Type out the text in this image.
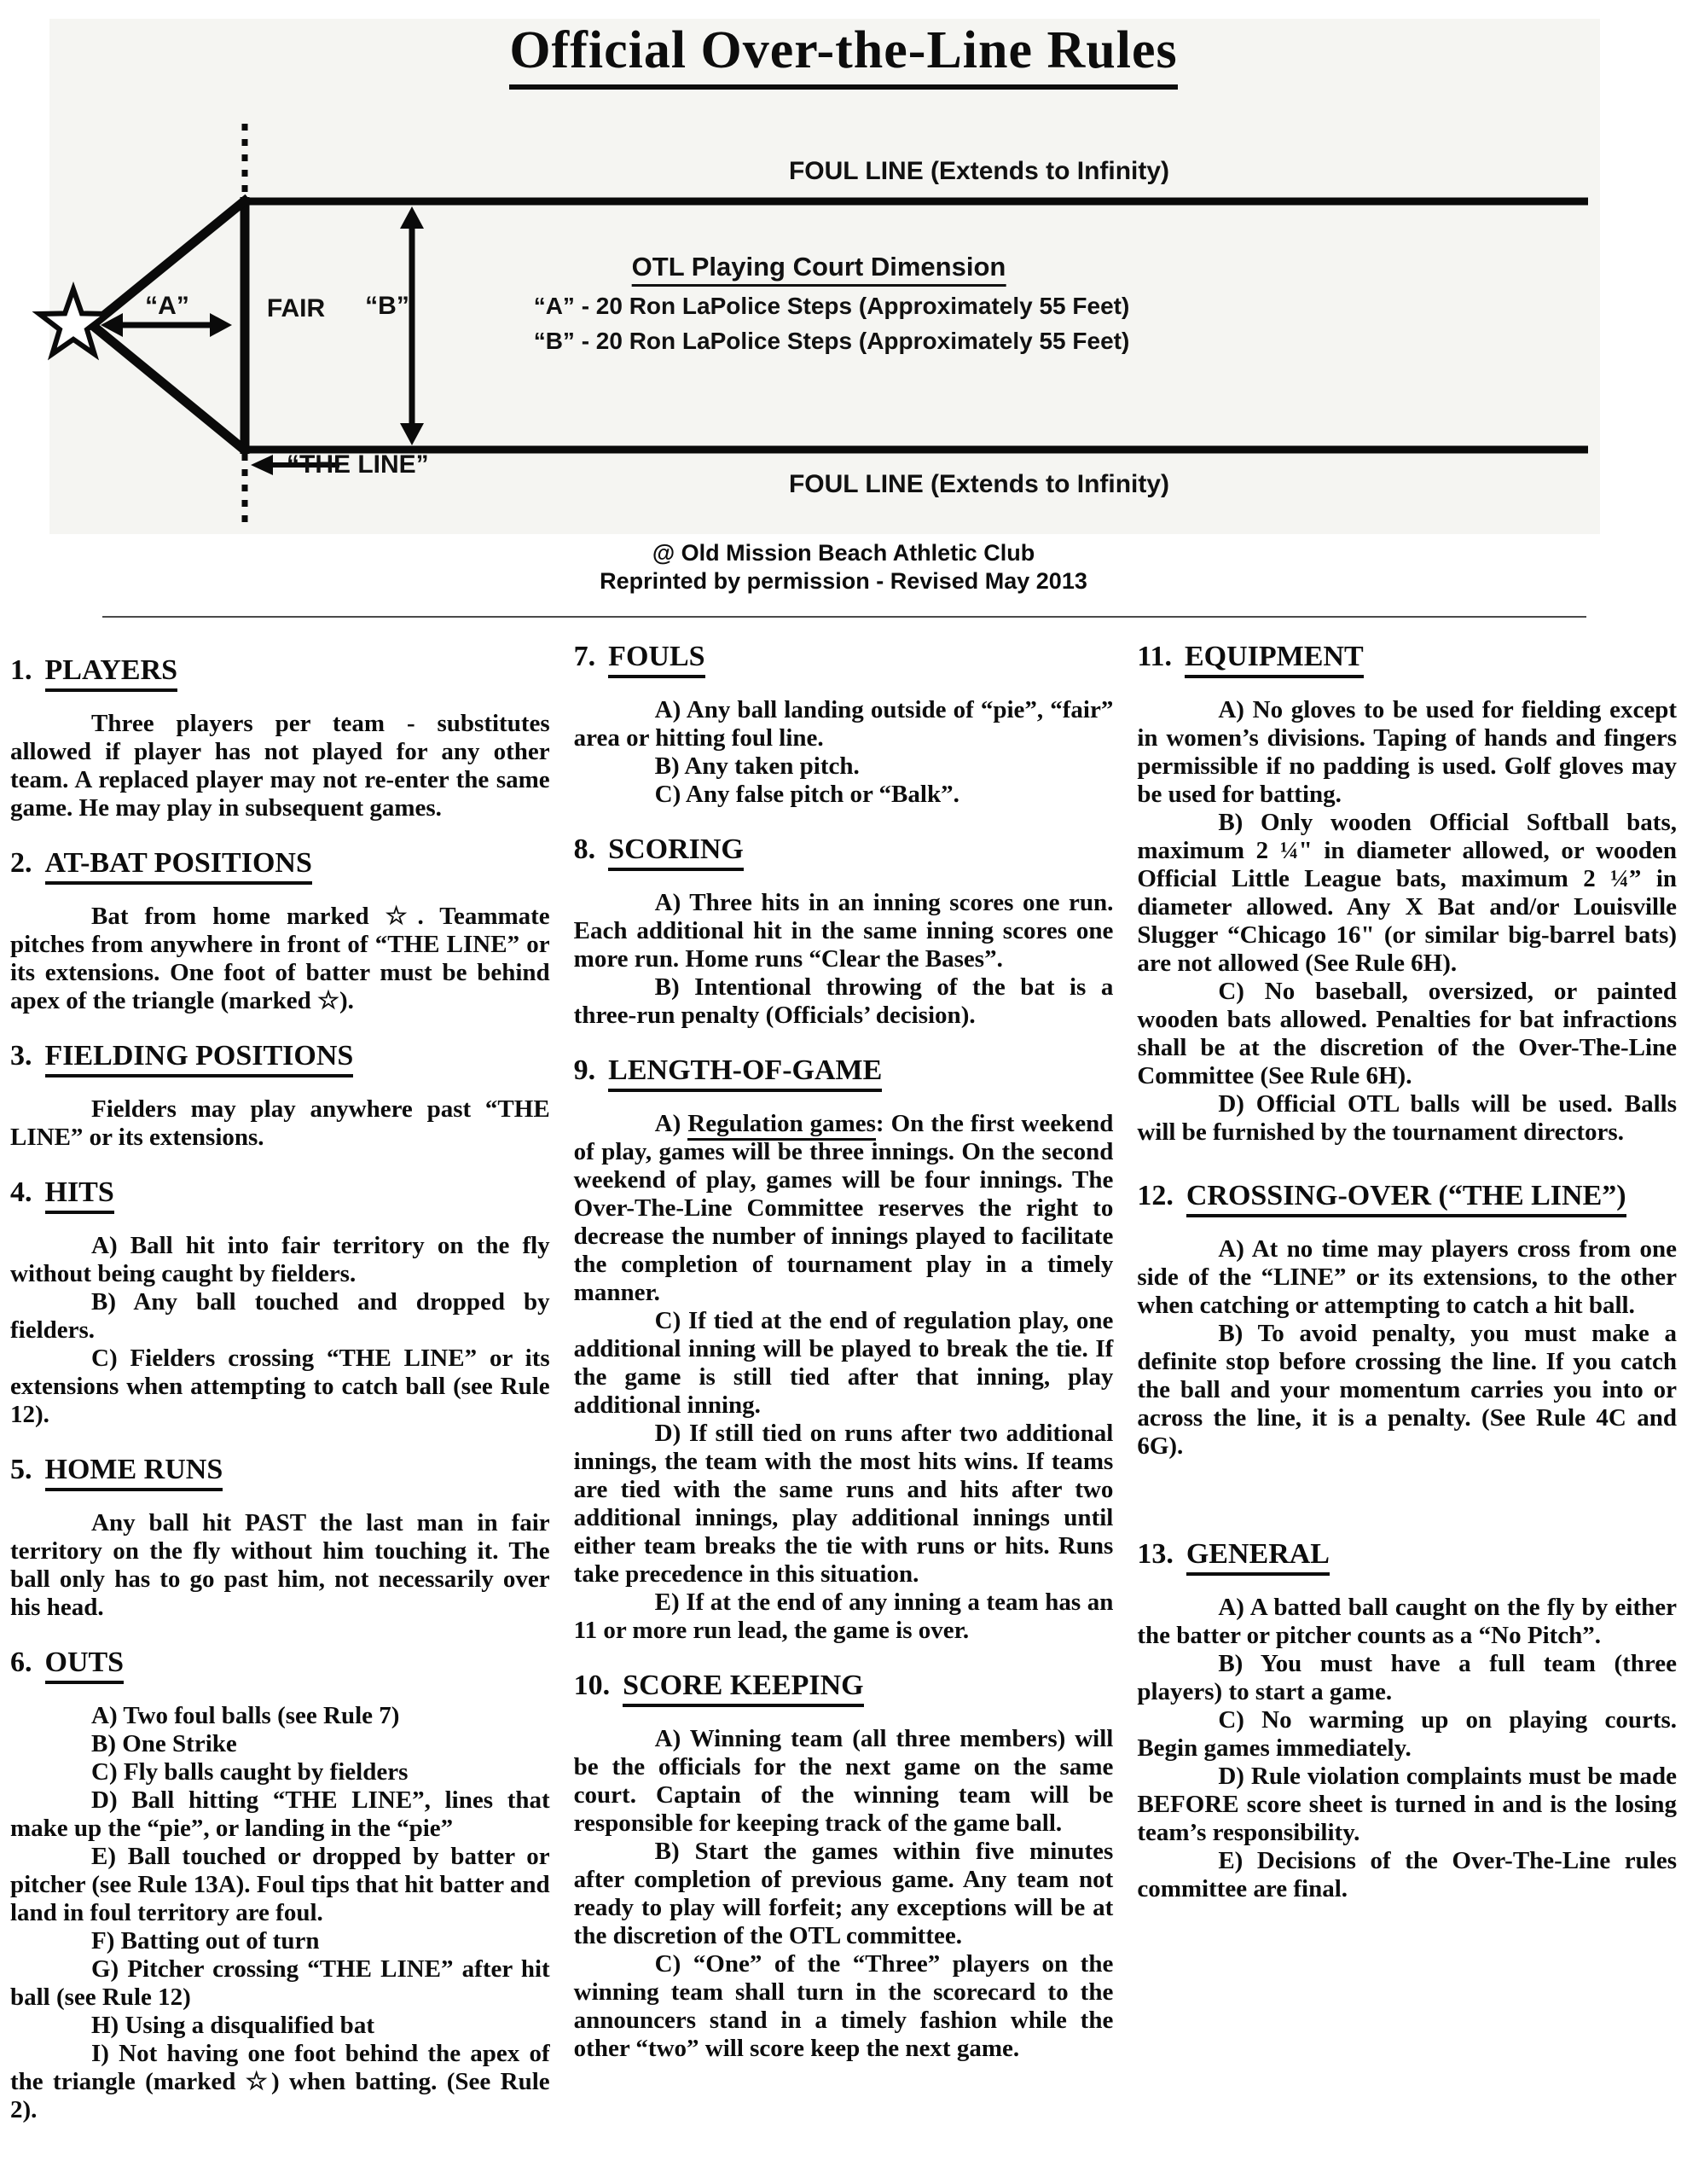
Official Over-the-Line Rules
FOUL LINE (Extends to Infinity)
FOUL LINE (Extends to Infinity)
OTL Playing Court Dimension
“A” - 20 Ron LaPolice Steps (Approximately 55 Feet)
“B” - 20 Ron LaPolice Steps (Approximately 55 Feet)
“A”	FAIR “B”
“THE LINE”
@ Old Mission Beach Athletic Club
Reprinted by permission - Revised May 2013
1. PLAYERS

Three players per team - substitutes allowed if player has not played for any other team. A replaced player may not re-enter the same game. He may play in subsequent games.

2. AT-BAT POSITIONS

Bat from home marked ☆. Teammate pitches from anywhere in front of “THE LINE” or its extensions. One foot of batter must be behind apex of the triangle (marked ☆).

3. FIELDING POSITIONS

Fielders may play anywhere past “THE LINE” or its extensions.

4. HITS

A) Ball hit into fair territory on the fly without being caught by fielders.

B) Any ball touched and dropped by fielders.

C) Fielders crossing “THE LINE” or its extensions when attempting to catch ball (see Rule 12).

5. HOME RUNS

Any ball hit PAST the last man in fair territory on the fly without him touching it. The ball only has to go past him, not necessarily over his head.

6. OUTS

A) Two foul balls (see Rule 7)

B) One Strike

C) Fly balls caught by fielders

D) Ball hitting “THE LINE”, lines that make up the “pie”, or landing in the “pie”

E) Ball touched or dropped by batter or pitcher (see Rule 13A). Foul tips that hit batter and land in foul territory are foul.

F) Batting out of turn

G) Pitcher crossing “THE LINE” after hit ball (see Rule 12)

H) Using a disqualified bat

I) Not having one foot behind the apex of the triangle (marked ☆) when batting. (See Rule 2).

7. FOULS

A) Any ball landing outside of “pie”, “fair” area or hitting foul line.

B) Any taken pitch.

C) Any false pitch or “Balk”.

8. SCORING

A) Three hits in an inning scores one run. Each additional hit in the same inning scores one more run. Home runs “Clear the Bases”.

B) Intentional throwing of the bat is a three-run penalty (Officials’ decision).

9. LENGTH-OF-GAME

A) Regulation games: On the first weekend of play, games will be three innings. On the second weekend of play, games will be four innings. The Over-The-Line Committee reserves the right to decrease the number of innings played to facilitate the completion of tournament play in a timely manner.

C) If tied at the end of regulation play, one additional inning will be played to break the tie. If the game is still tied after that inning, play additional inning.

D) If still tied on runs after two additional innings, the team with the most hits wins. If teams are tied with the same runs and hits after two additional innings, play additional innings until either team breaks the tie with runs or hits. Runs take precedence in this situation.

E) If at the end of any inning a team has an 11 or more run lead, the game is over.

10. SCORE KEEPING

A) Winning team (all three members) will be the officials for the next game on the same court. Captain of the winning team will be responsible for keeping track of the game ball.

B) Start the games within five minutes after completion of previous game. Any team not ready to play will forfeit; any exceptions will be at the discretion of the OTL committee.

C) “One” of the “Three” players on the winning team shall turn in the scorecard to the announcers stand in a timely fashion while the other “two” will score keep the next game.

11. EQUIPMENT

A) No gloves to be used for fielding except in women’s divisions. Taping of hands and fingers permissible if no padding is used. Golf gloves may be used for batting.

B) Only wooden Official Softball bats, maximum 2 ¼" in diameter allowed, or wooden Official Little League bats, maximum 2 ¼” in diameter allowed. Any X Bat and/or Louisville Slugger “Chicago 16" (or similar big-barrel bats) are not allowed (See Rule 6H).

C) No baseball, oversized, or painted wooden bats allowed. Penalties for bat infractions shall be at the discretion of the Over-The-Line Committee (See Rule 6H).

D) Official OTL balls will be used. Balls will be furnished by the tournament directors.

12. CROSSING-OVER (“THE LINE”)

A) At no time may players cross from one side of the “LINE” or its extensions, to the other when catching or attempting to catch a hit ball.

B) To avoid penalty, you must make a definite stop before crossing the line. If you catch the ball and your momentum carries you into or across the line, it is a penalty. (See Rule 4C and 6G).

13. GENERAL

A) A batted ball caught on the fly by either the batter or pitcher counts as a “No Pitch”.

B) You must have a full team (three players) to start a game.

C) No warming up on playing courts. Begin games immediately.

D) Rule violation complaints must be made BEFORE score sheet is turned in and is the losing team’s responsibility.

E) Decisions of the Over-The-Line rules committee are final.
